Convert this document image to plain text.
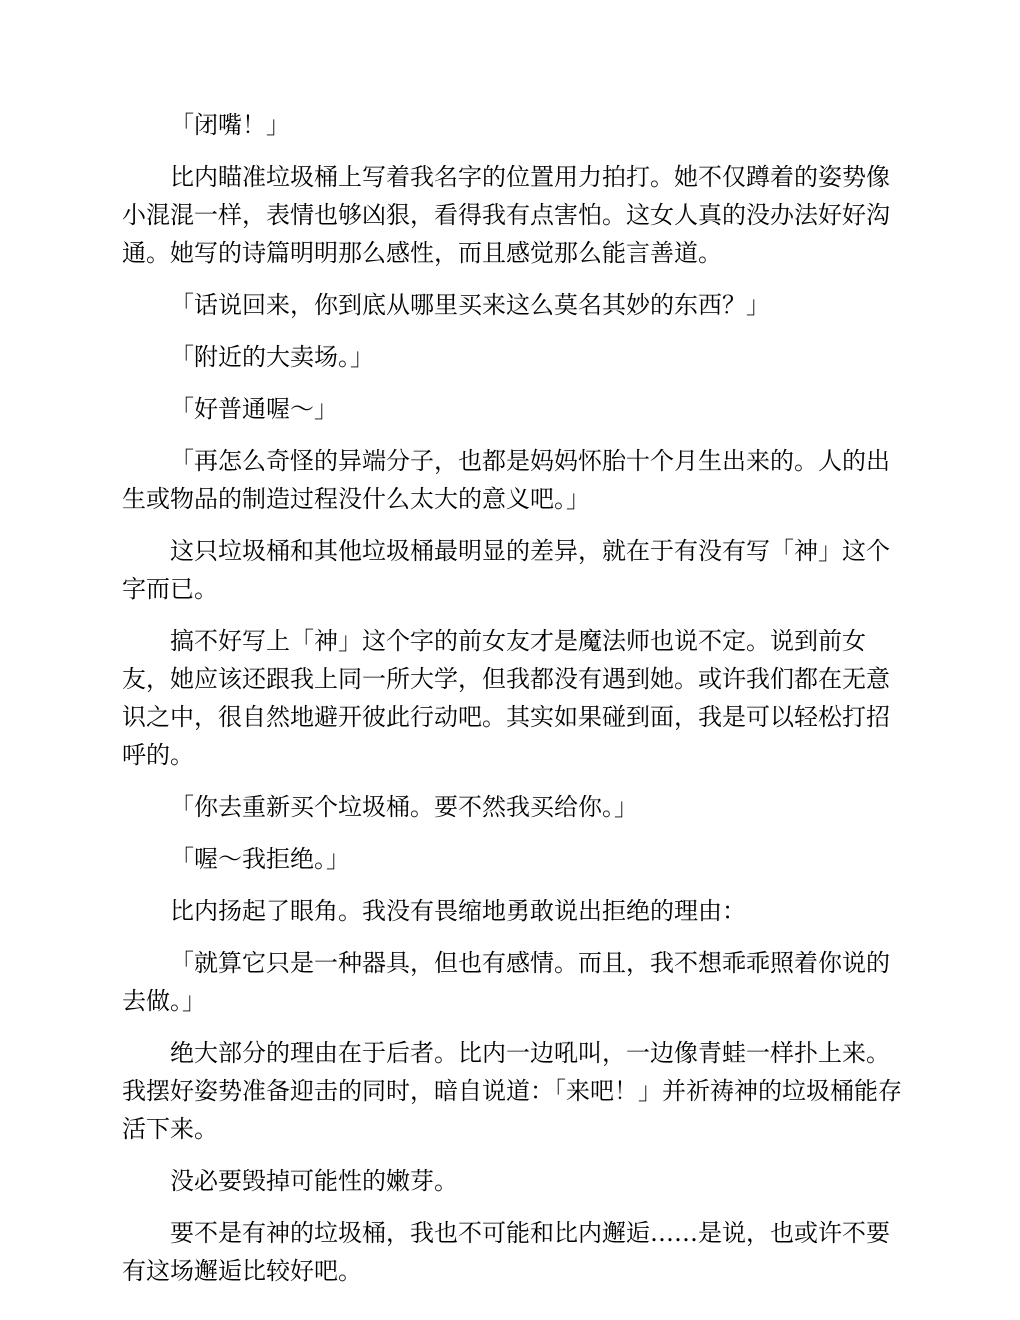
「闭嘴！」

比内瞄准垃圾桶上写着我名字的位置用力拍打。她不仅蹲着的姿势像小混混一样，表情也够凶狠，看得我有点害怕。这女人真的没办法好好沟通。她写的诗篇明明那么感性，而且感觉那么能言善道。

「话说回来，你到底从哪里买来这么莫名其妙的东西？」

「附近的大卖场。」

「好普通喔～」

「再怎么奇怪的异端分子，也都是妈妈怀胎十个月生出来的。人的出生或物品的制造过程没什么太大的意义吧。」

这只垃圾桶和其他垃圾桶最明显的差异，就在于有没有写「神」这个字而已。

搞不好写上「神」这个字的前女友才是魔法师也说不定。说到前女友，她应该还跟我上同一所大学，但我都没有遇到她。或许我们都在无意识之中，很自然地避开彼此行动吧。其实如果碰到面，我是可以轻松打招呼的。

「你去重新买个垃圾桶。要不然我买给你。」

「喔～我拒绝。」

比内扬起了眼角。我没有畏缩地勇敢说出拒绝的理由：

「就算它只是一种器具，但也有感情。而且，我不想乖乖照着你说的去做。」

绝大部分的理由在于后者。比内一边吼叫，一边像青蛙一样扑上来。我摆好姿势准备迎击的同时，暗自说道：「来吧！」并祈祷神的垃圾桶能存活下来。

没必要毁掉可能性的嫩芽。

要不是有神的垃圾桶，我也不可能和比内邂逅……是说，也或许不要有这场邂逅比较好吧。
